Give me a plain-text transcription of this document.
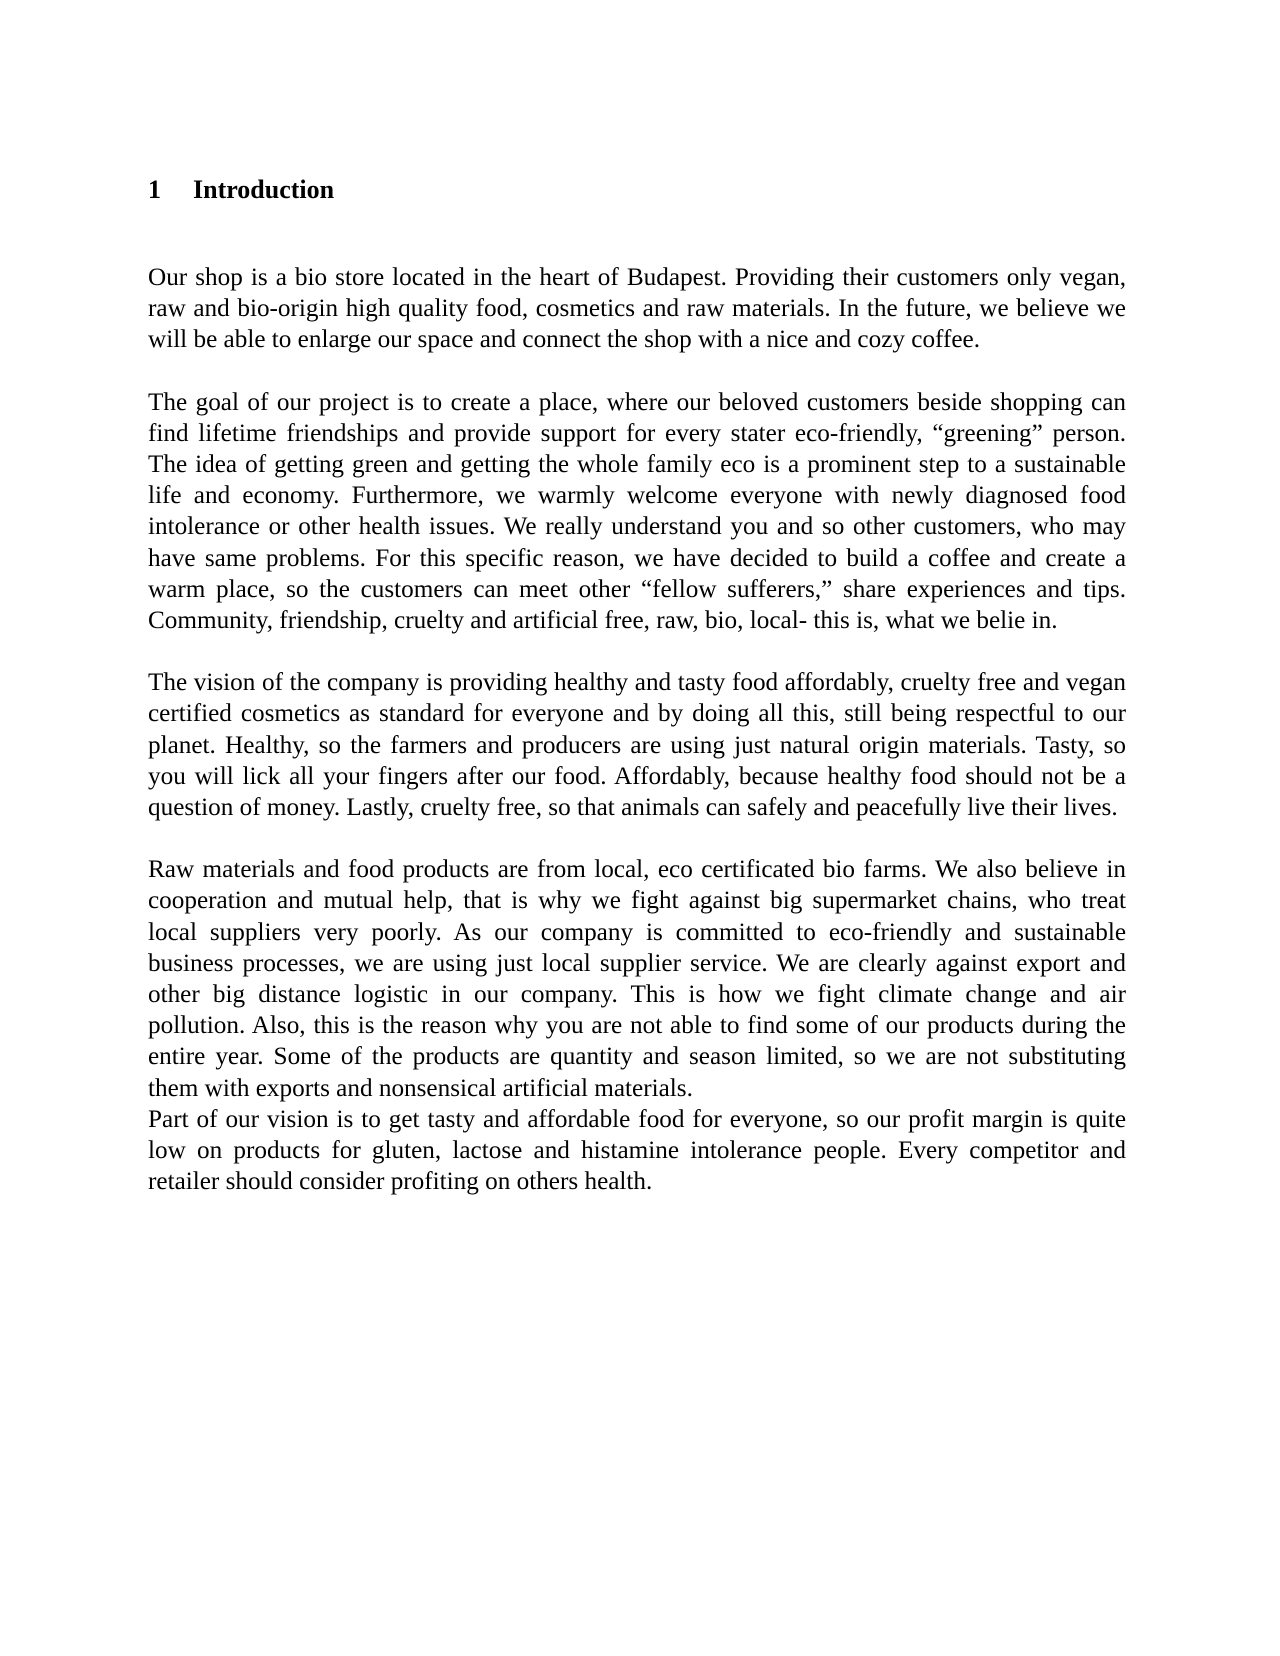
1 Introduction

Our shop is a bio store located in the heart of Budapest. Providing their customers only vegan, raw and bio-origin high quality food, cosmetics and raw materials. In the future, we believe we will be able to enlarge our space and connect the shop with a nice and cozy coffee.

The goal of our project is to create a place, where our beloved customers beside shopping can find lifetime friendships and provide support for every stater eco-friendly, “greening” person. The idea of getting green and getting the whole family eco is a prominent step to a sustainable life and economy. Furthermore, we warmly welcome everyone with newly diagnosed food intolerance or other health issues. We really understand you and so other customers, who may have same problems. For this specific reason, we have decided to build a coffee and create a warm place, so the customers can meet other “fellow sufferers,” share experiences and tips. Community, friendship, cruelty and artificial free, raw, bio, local- this is, what we belie in.

The vision of the company is providing healthy and tasty food affordably, cruelty free and vegan certified cosmetics as standard for everyone and by doing all this, still being respectful to our planet. Healthy, so the farmers and producers are using just natural origin materials. Tasty, so you will lick all your fingers after our food. Affordably, because healthy food should not be a question of money. Lastly, cruelty free, so that animals can safely and peacefully live their lives.

Raw materials and food products are from local, eco certificated bio farms. We also believe in cooperation and mutual help, that is why we fight against big supermarket chains, who treat local suppliers very poorly. As our company is committed to eco-friendly and sustainable business processes, we are using just local supplier service. We are clearly against export and other big distance logistic in our company. This is how we fight climate change and air pollution. Also, this is the reason why you are not able to find some of our products during the entire year. Some of the products are quantity and season limited, so we are not substituting them with exports and nonsensical artificial materials.

Part of our vision is to get tasty and affordable food for everyone, so our profit margin is quite low on products for gluten, lactose and histamine intolerance people. Every competitor and retailer should consider profiting on others health.
